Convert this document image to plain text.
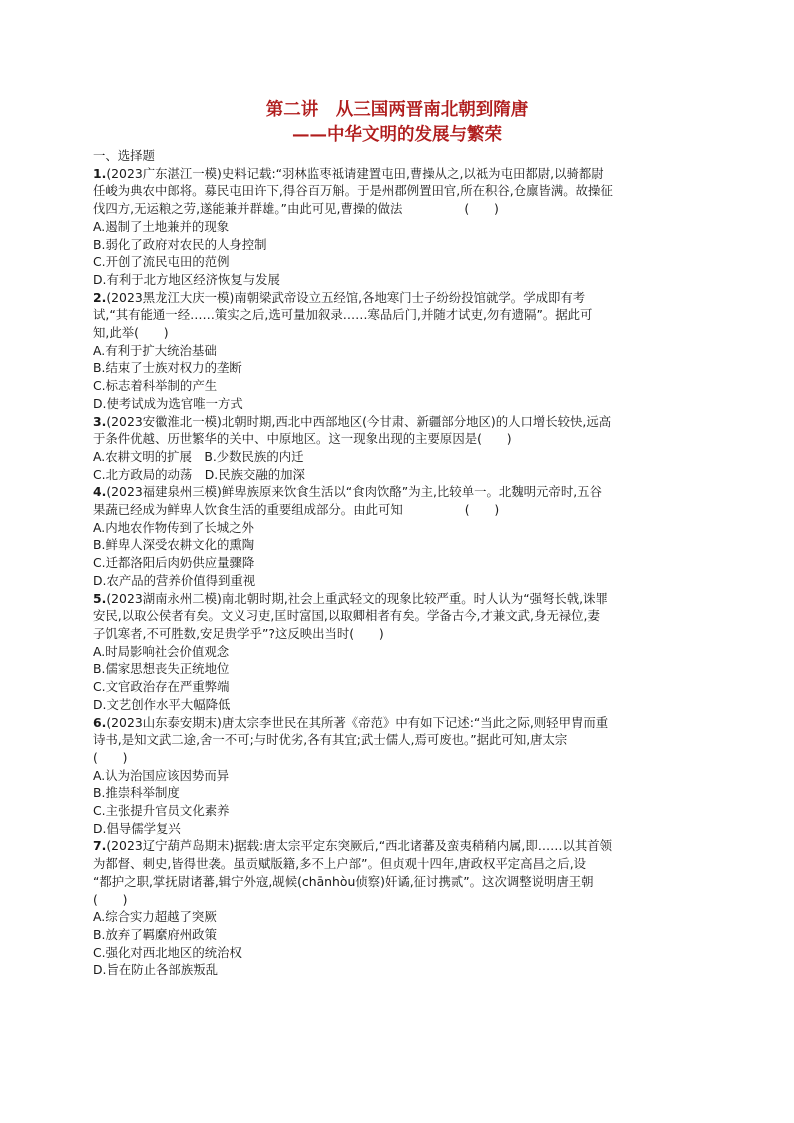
第二讲　从三国两晋南北朝到隋唐
——中华文明的发展与繁荣
一、选择题

1.(2023广东湛江一模)史料记载:“羽林监枣祗请建置屯田,曹操从之,以祗为屯田都尉,以骑都尉

任峻为典农中郎将。募民屯田许下,得谷百万斛。于是州郡例置田官,所在积谷,仓廪皆满。故操征

伐四方,无运粮之劳,遂能兼并群雄。”由此可见,曹操的做法　　　　　(　　)

A.遏制了土地兼并的现象

B.弱化了政府对农民的人身控制

C.开创了流民屯田的范例

D.有利于北方地区经济恢复与发展

2.(2023黑龙江大庆一模)南朝梁武帝设立五经馆,各地寒门士子纷纷投馆就学。学成即有考

试,“其有能通一经……策实之后,选可量加叙录……寒品后门,并随才试吏,勿有遗隔”。据此可

知,此举(　　)

A.有利于扩大统治基础

B.结束了士族对权力的垄断

C.标志着科举制的产生

D.使考试成为选官唯一方式

3.(2023安徽淮北一模)北朝时期,西北中西部地区(今甘肃、新疆部分地区)的人口增长较快,远高

于条件优越、历世繁华的关中、中原地区。这一现象出现的主要原因是(　　)

A.农耕文明的扩展　B.少数民族的内迁

C.北方政局的动荡　D.民族交融的加深

4.(2023福建泉州三模)鲜卑族原来饮食生活以“食肉饮酪”为主,比较单一。北魏明元帝时,五谷

果蔬已经成为鲜卑人饮食生活的重要组成部分。由此可知　　　　　(　　)

A.内地农作物传到了长城之外

B.鲜卑人深受农耕文化的熏陶

C.迁都洛阳后肉奶供应量骤降

D.农产品的营养价值得到重视

5.(2023湖南永州二模)南北朝时期,社会上重武轻文的现象比较严重。时人认为“强弩长戟,诛罪

安民,以取公侯者有矣。文义习吏,匡时富国,以取卿相者有矣。学备古今,才兼文武,身无禄位,妻

子饥寒者,不可胜数,安足贵学乎”?这反映出当时(　　)

A.时局影响社会价值观念

B.儒家思想丧失正统地位

C.文官政治存在严重弊端

D.文艺创作水平大幅降低

6.(2023山东泰安期末)唐太宗李世民在其所著《帝范》中有如下记述:“当此之际,则轻甲胄而重

诗书,是知文武二途,舍一不可;与时优劣,各有其宜;武士儒人,焉可废也。”据此可知,唐太宗

(　　)

A.认为治国应该因势而异

B.推崇科举制度

C.主张提升官员文化素养

D.倡导儒学复兴

7.(2023辽宁葫芦岛期末)据载:唐太宗平定东突厥后,“西北诸蕃及蛮夷稍稍内属,即……以其首领

为都督、刺史,皆得世袭。虽贡赋版籍,多不上户部”。但贞观十四年,唐政权平定高昌之后,设

“都护之职,掌抚尉诸蕃,辑宁外寇,觇候(chānhòu侦察)奸谲,征讨携贰”。这次调整说明唐王朝

(　　)

A.综合实力超越了突厥

B.放弃了羁縻府州政策

C.强化对西北地区的统治权

D.旨在防止各部族叛乱
